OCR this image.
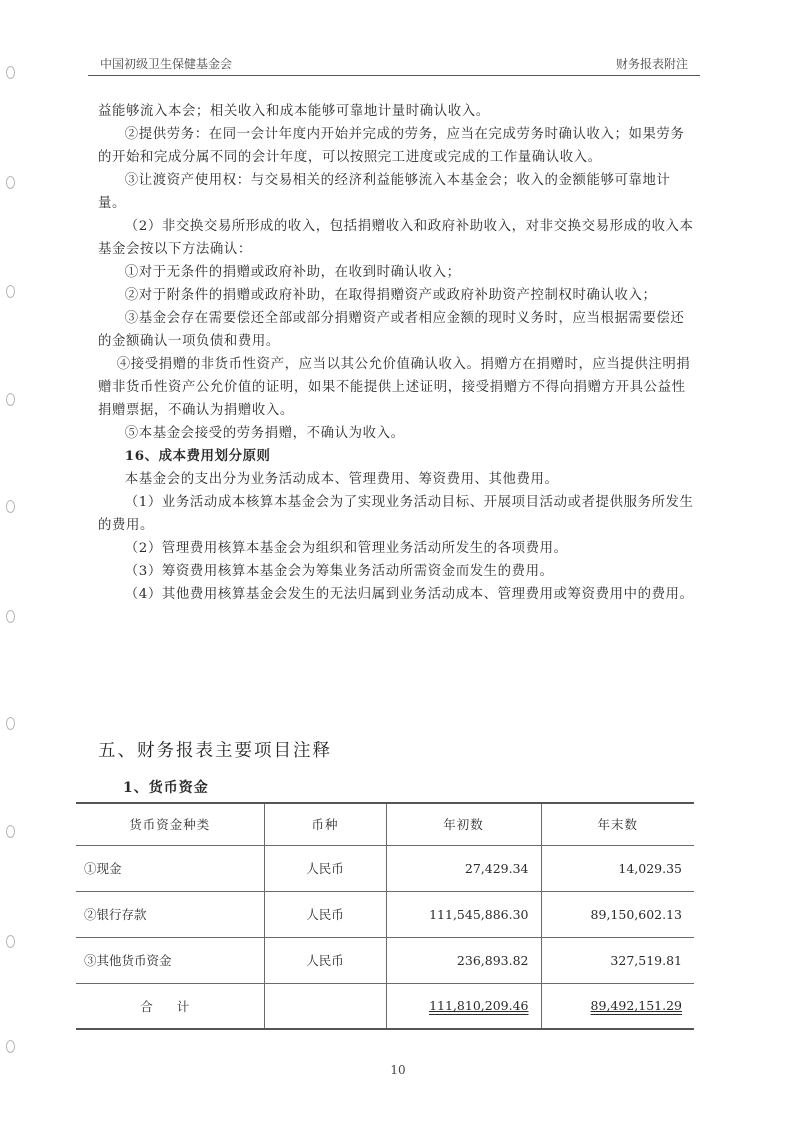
中国初级卫生保健基金会	财务报表附注

益能够流入本会；相关收入和成本能够可靠地计量时确认收入。

②提供劳务：在同一会计年度内开始并完成的劳务，应当在完成劳务时确认收入；如果劳务的开始和完成分属不同的会计年度，可以按照完工进度或完成的工作量确认收入。

③让渡资产使用权：与交易相关的经济利益能够流入本基金会；收入的金额能够可靠地计量。

（2）非交换交易所形成的收入，包括捐赠收入和政府补助收入，对非交换交易形成的收入本基金会按以下方法确认：

①对于无条件的捐赠或政府补助，在收到时确认收入；

②对于附条件的捐赠或政府补助，在取得捐赠资产或政府补助资产控制权时确认收入；

③基金会存在需要偿还全部或部分捐赠资产或者相应金额的现时义务时，应当根据需要偿还的金额确认一项负债和费用。

④接受捐赠的非货币性资产，应当以其公允价值确认收入。捐赠方在捐赠时，应当提供注明捐赠非货币性资产公允价值的证明，如果不能提供上述证明，接受捐赠方不得向捐赠方开具公益性捐赠票据，不确认为捐赠收入。

⑤本基金会接受的劳务捐赠，不确认为收入。

16、成本费用划分原则

本基金会的支出分为业务活动成本、管理费用、筹资费用、其他费用。

（1）业务活动成本核算本基金会为了实现业务活动目标、开展项目活动或者提供服务所发生的费用。

（2）管理费用核算本基金会为组织和管理业务活动所发生的各项费用。

（3）筹资费用核算本基金会为筹集业务活动所需资金而发生的费用。

（4）其他费用核算基金会发生的无法归属到业务活动成本、管理费用或筹资费用中的费用。

五、财务报表主要项目注释
1、货币资金
货币资金种类	币种	年初数	年末数
①现金	人民币	27,429.34	14,029.35
②银行存款	人民币	111,545,886.30	89,150,602.13
③其他货币资金	人民币	236,893.82	327,519.81
合 计		111,810,209.46	89,492,151.29
10
